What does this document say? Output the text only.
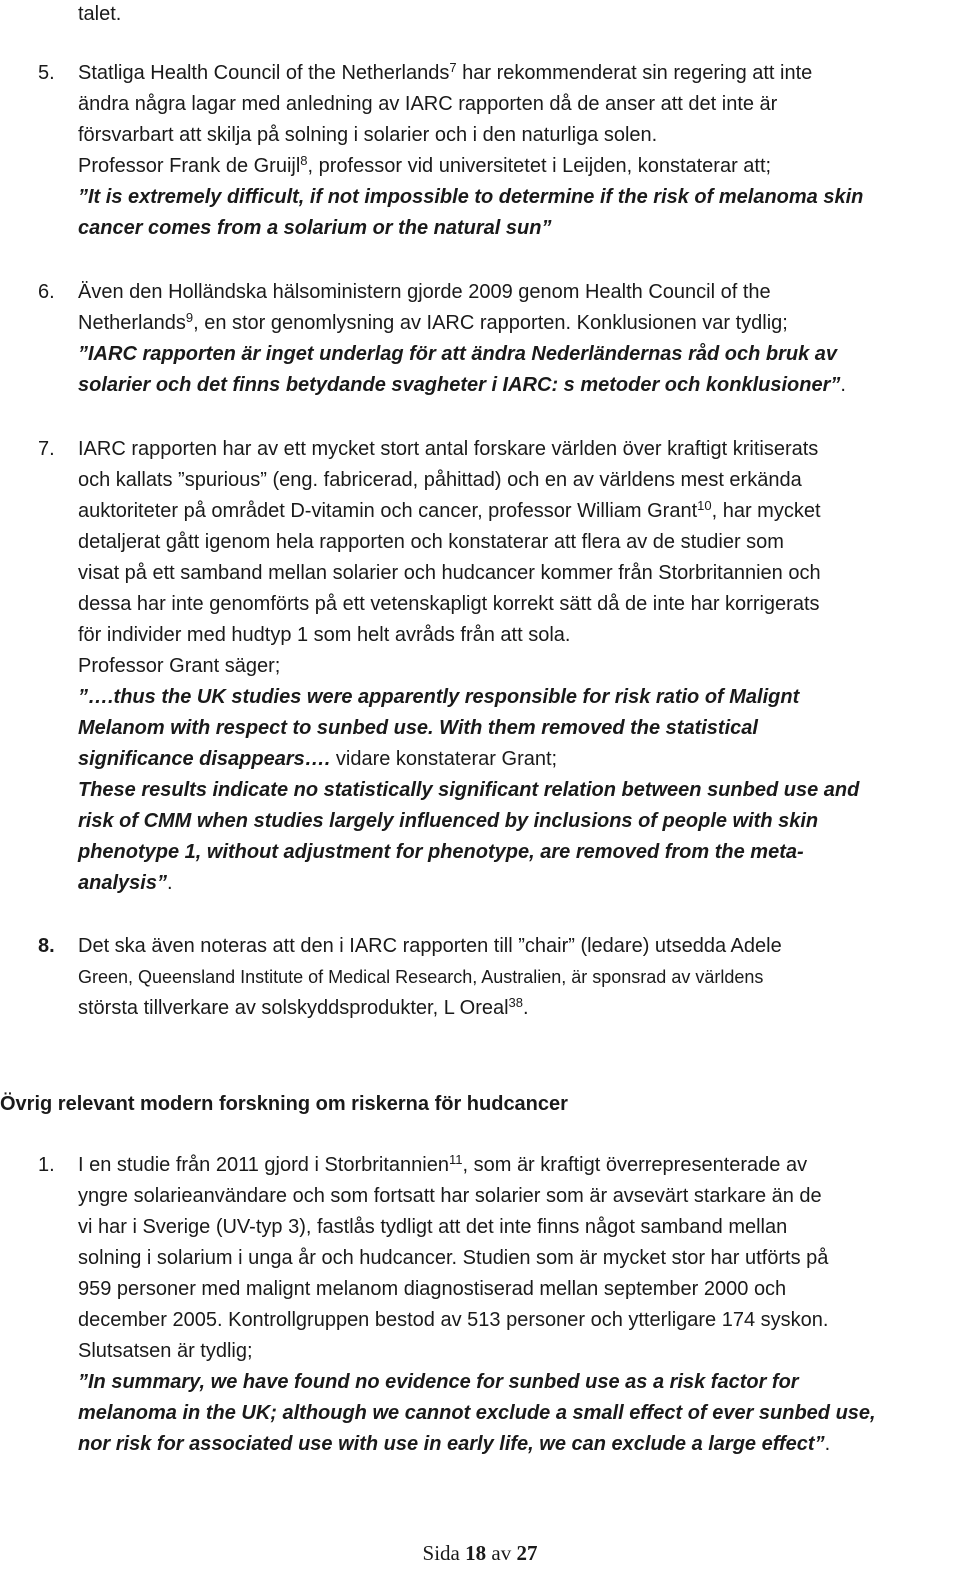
talet.
5. Statliga Health Council of the Netherlands$^7$ har rekommenderat sin regering att inte

ändra några lagar med anledning av IARC rapporten då de anser att det inte är

försvarbart att skilja på solning i solarier och i den naturliga solen.

Professor Frank de Gruijl$^8$, professor vid universitetet i Leijden, konstaterar att;

”It is extremely difficult, if not impossible to determine if the risk of melanoma skin

cancer comes from a solarium or the natural sun”

6. Även den Holländska hälsoministern gjorde 2009 genom Health Council of the

Netherlands$^9$, en stor genomlysning av IARC rapporten. Konklusionen var tydlig;

”IARC rapporten är inget underlag för att ändra Nederländernas råd och bruk av

solarier och det finns betydande svagheter i IARC: s metoder och konklusioner”.

7. IARC rapporten har av ett mycket stort antal forskare världen över kraftigt kritiserats

och kallats ”spurious” (eng. fabricerad, påhittad) och en av världens mest erkända

auktoriteter på området D-vitamin och cancer, professor William Grant$^{10}$, har mycket

detaljerat gått igenom hela rapporten och konstaterar att flera av de studier som

visat på ett samband mellan solarier och hudcancer kommer från Storbritannien och

dessa har inte genomförts på ett vetenskapligt korrekt sätt då de inte har korrigerats

för individer med hudtyp 1 som helt avråds från att sola.

Professor Grant säger;

”….thus the UK studies were apparently responsible for risk ratio of Malignt

Melanom with respect to sunbed use. With them removed the statistical

significance disappears…. vidare konstaterar Grant;

These results indicate no statistically significant relation between sunbed use and

risk of CMM when studies largely influenced by inclusions of people with skin

phenotype 1, without adjustment for phenotype, are removed from the meta-

analysis”.

8. Det ska även noteras att den i IARC rapporten till ”chair” (ledare) utsedda Adele

Green, Queensland Institute of Medical Research, Australien, är sponsrad av världens

största tillverkare av solskyddsprodukter, L Oreal$^{38}$.

Övrig relevant modern forskning om riskerna för hudcancer
1. I en studie från 2011 gjord i Storbritannien$^{11}$, som är kraftigt överrepresenterade av

yngre solarieanvändare och som fortsatt har solarier som är avsevärt starkare än de

vi har i Sverige (UV-typ 3), fastlås tydligt att det inte finns något samband mellan

solning i solarium i unga år och hudcancer. Studien som är mycket stor har utförts på

959 personer med malignt melanom diagnostiserad mellan september 2000 och

december 2005. Kontrollgruppen bestod av 513 personer och ytterligare 174 syskon.

Slutsatsen är tydlig;

”In summary, we have found no evidence for sunbed use as a risk factor for

melanoma in the UK; although we cannot exclude a small effect of ever sunbed use,

nor risk for associated use with use in early life, we can exclude a large effect”.

Sida 18 av 27
